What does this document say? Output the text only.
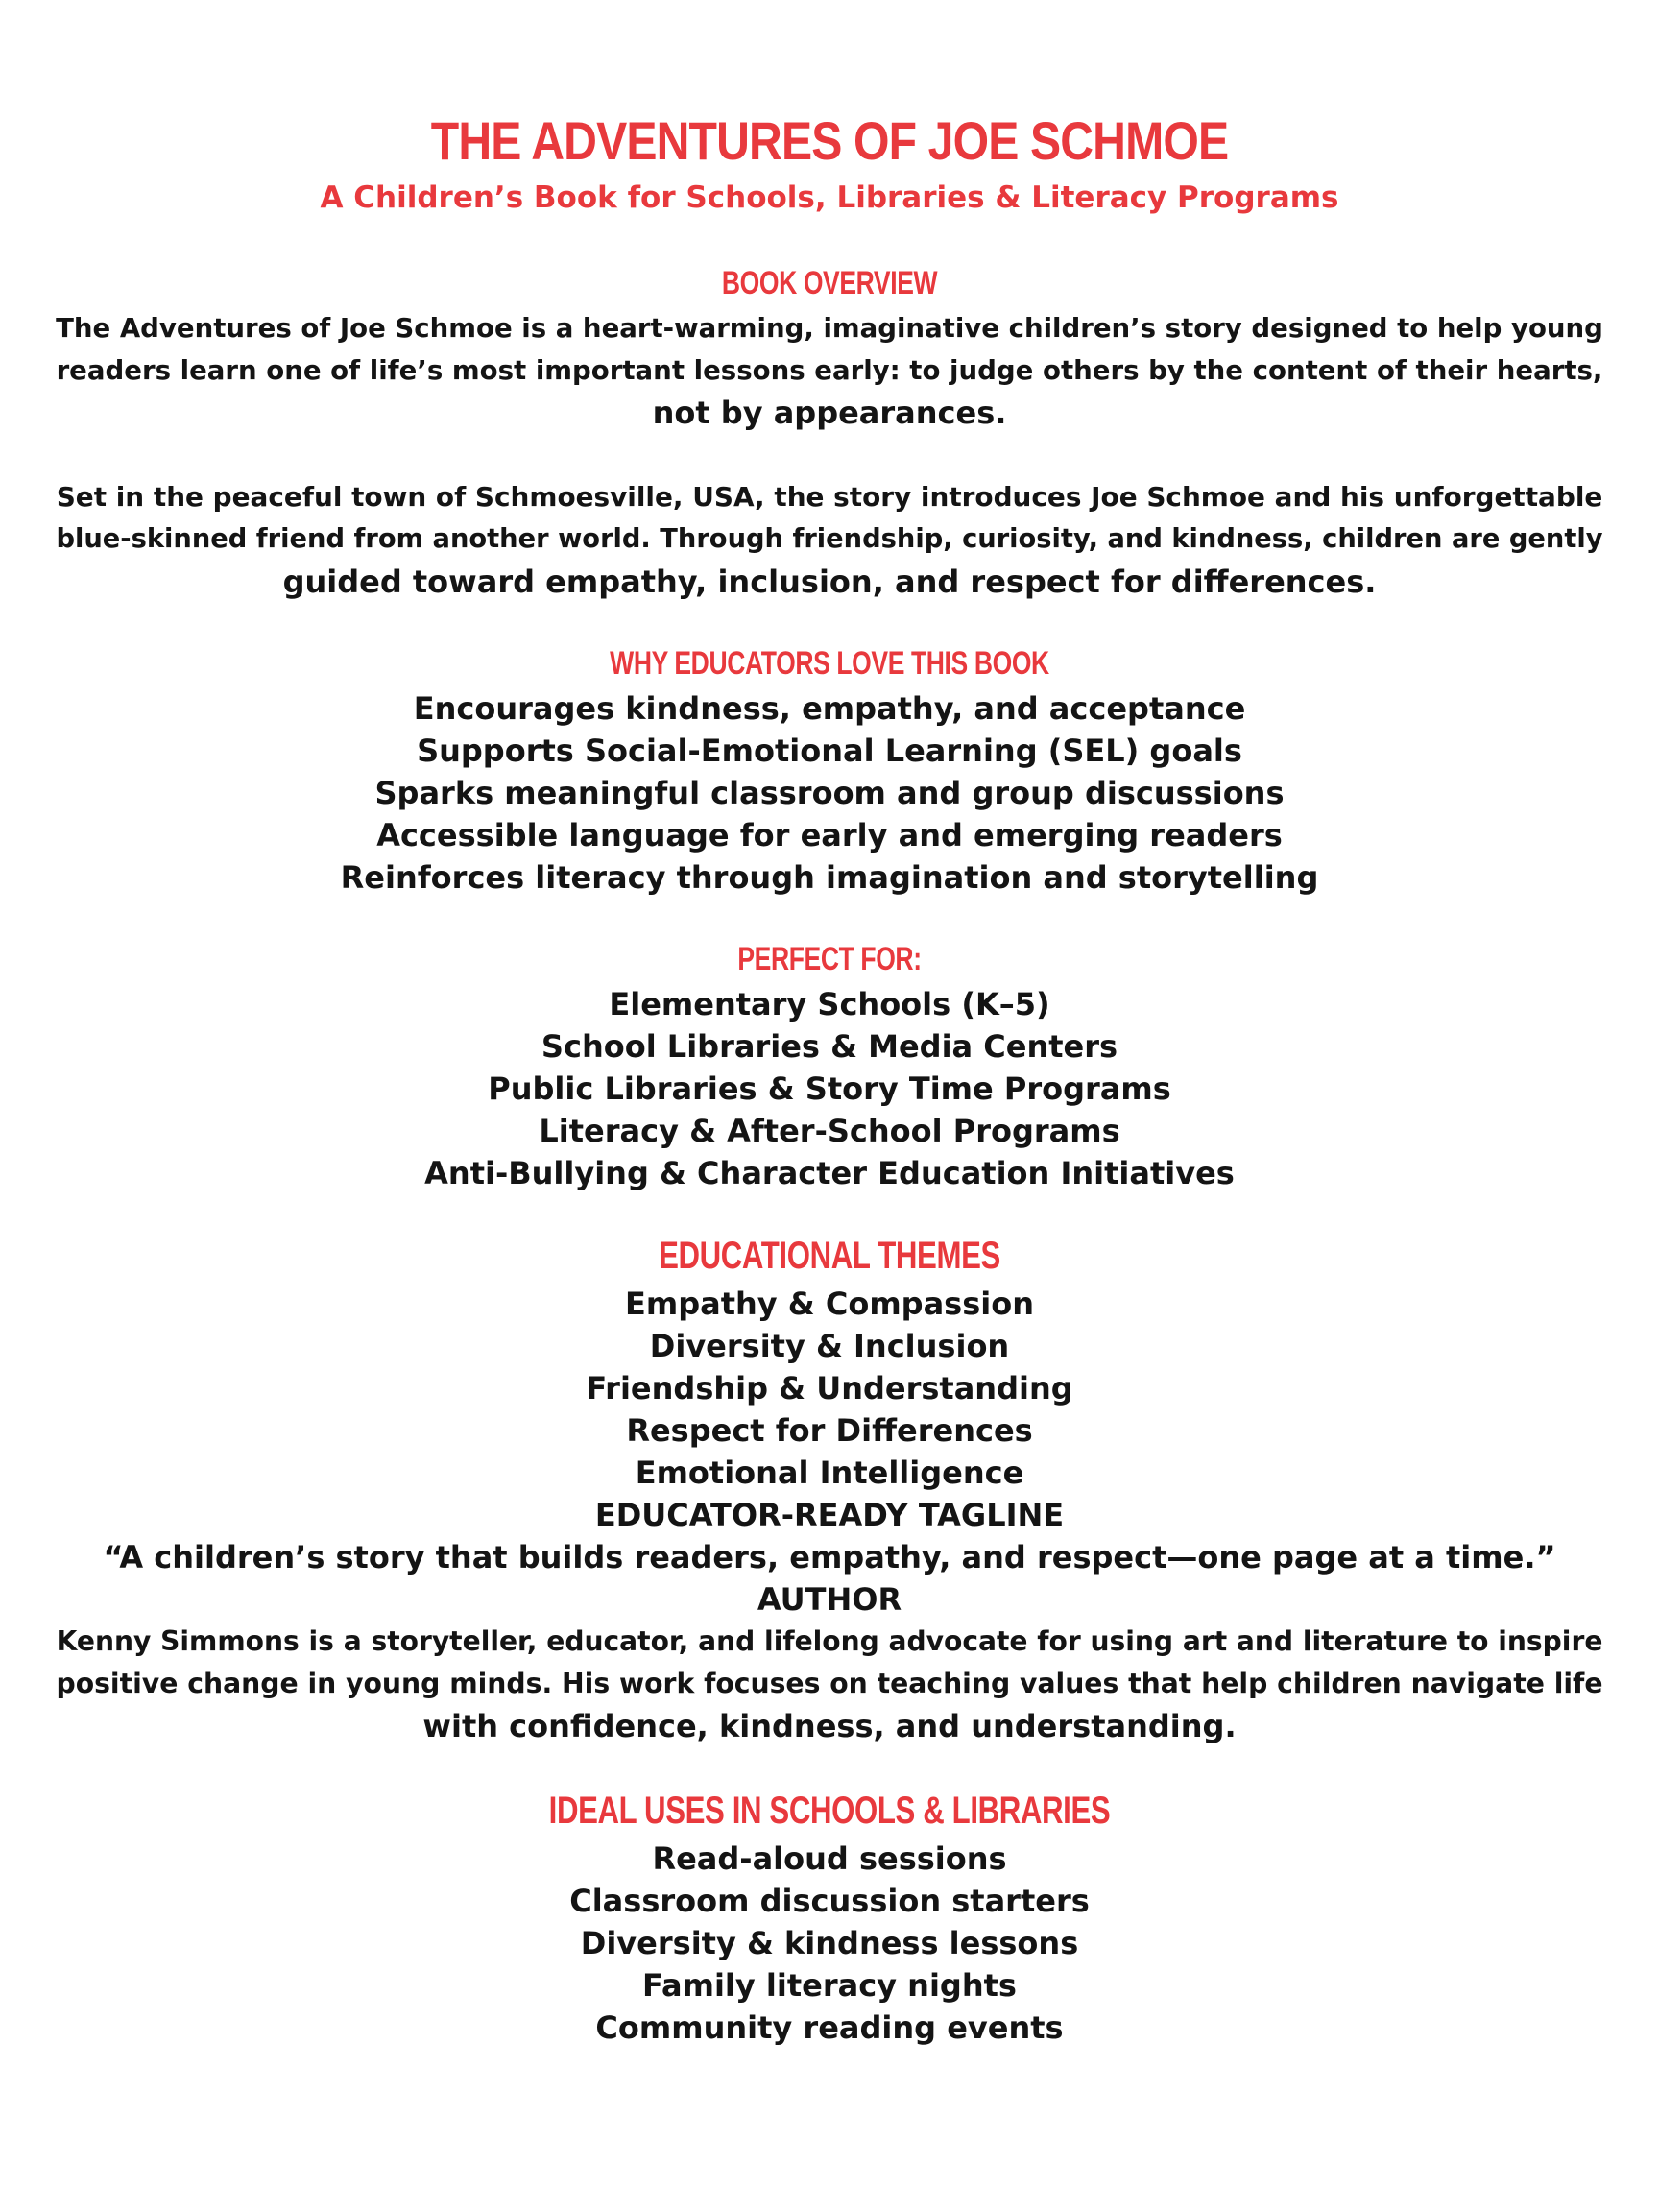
THE ADVENTURES OF JOE SCHMOE
A Children’s Book for Schools, Libraries & Literacy Programs
BOOK OVERVIEW
The Adventures of Joe Schmoe is a heart-warming, imaginative children’s story designed to help young
readers learn one of life’s most important lessons early: to judge others by the content of their hearts,
not by appearances.
Set in the peaceful town of Schmoesville, USA, the story introduces Joe Schmoe and his unforgettable
blue-skinned friend from another world. Through friendship, curiosity, and kindness, children are gently
guided toward empathy, inclusion, and respect for differences.
WHY EDUCATORS LOVE THIS BOOK
Encourages kindness, empathy, and acceptance
Supports Social-Emotional Learning (SEL) goals
Sparks meaningful classroom and group discussions
Accessible language for early and emerging readers
Reinforces literacy through imagination and storytelling
PERFECT FOR:
Elementary Schools (K–5)
School Libraries & Media Centers
Public Libraries & Story Time Programs
Literacy & After-School Programs
Anti-Bullying & Character Education Initiatives
EDUCATIONAL THEMES
Empathy & Compassion
Diversity & Inclusion
Friendship & Understanding
Respect for Differences
Emotional Intelligence
EDUCATOR-READY TAGLINE
“A children’s story that builds readers, empathy, and respect—one page at a time.”
AUTHOR
Kenny Simmons is a storyteller, educator, and lifelong advocate for using art and literature to inspire
positive change in young minds. His work focuses on teaching values that help children navigate life
with confidence, kindness, and understanding.
IDEAL USES IN SCHOOLS & LIBRARIES
Read-aloud sessions
Classroom discussion starters
Diversity & kindness lessons
Family literacy nights
Community reading events
